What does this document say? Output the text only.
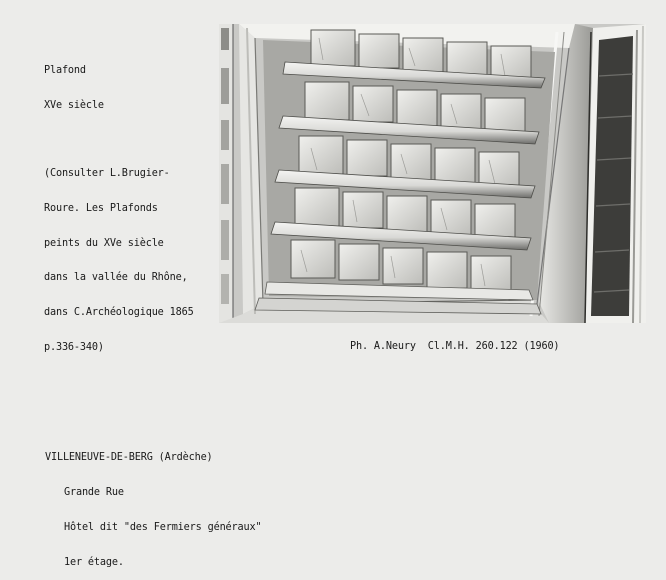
Plafond

XVe siècle

(Consulter L.Brugier-

Roure. Les Plafonds

peints du XVe siècle

dans la vallée du Rhône,

dans C.Archéologique 1865

p.336-340)	Ph. A.Neury  Cl.M.H. 260.122 (1960)

VILLENEUVE-DE-BERG (Ardèche)

Grande Rue

Hôtel dit "des Fermiers généraux"

1er étage.
